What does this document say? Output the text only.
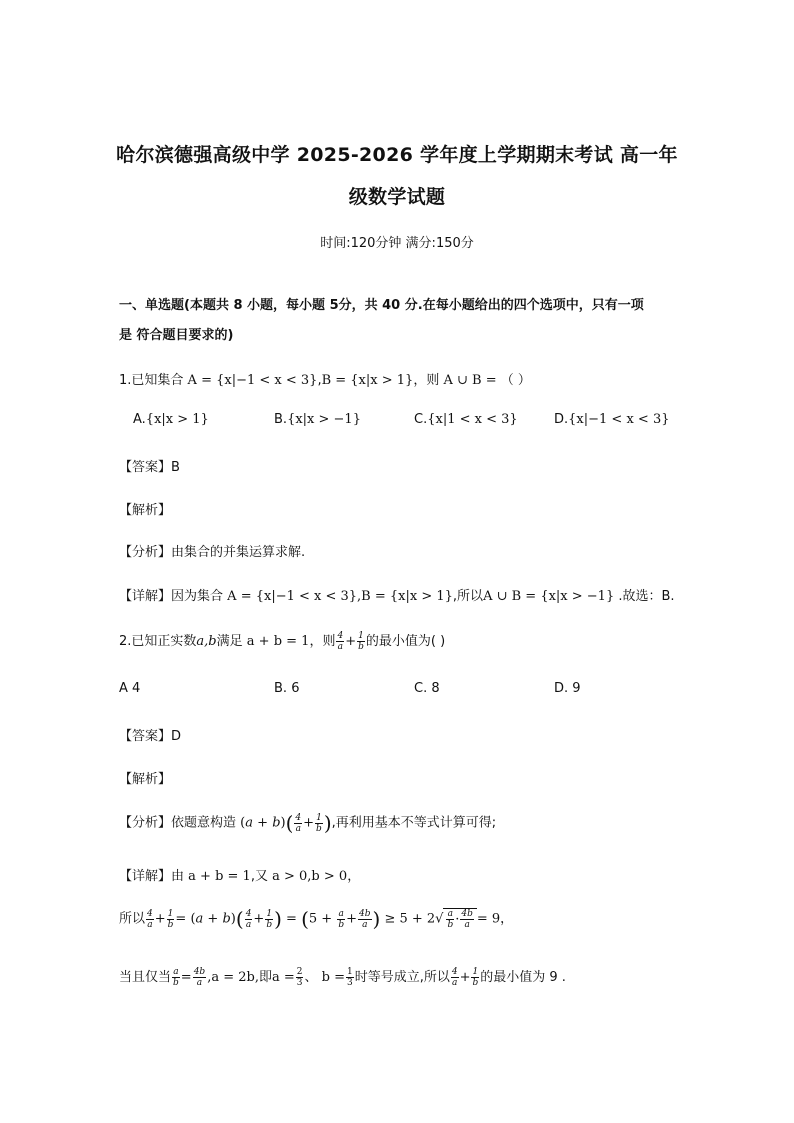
哈尔滨德强高级中学 2025-2026 学年度上学期期末考试 高一年
级数学试题
时间:120分钟 满分:150分
一、单选题(本题共 8 小题，每小题 5分，共 40 分.在每小题给出的四个选项中，只有一项
是 符合题目要求的)
1.已知集合 A = {x|−1 < x < 3},B = {x|x > 1}，则 A ∪ B = （ ）
A.{x|x > 1}	B.{x|x > −1}	C.{x|1 < x < 3}	D.{x|−1 < x < 3}
【答案】B
【解析】
【分析】由集合的并集运算求解.
【详解】因为集合 A = {x|−1 < x < 3},B = {x|x > 1},所以A ∪ B = {x|x > −1} .故选：B.
2.已知正实数a,b满足 a + b = 1，则 $\frac{4}{a} + \frac{1}{b}$ 的最小值为( )
A 4	B. 6	C. 8	D. 9
【答案】D
【解析】
【分析】依题意构造 $(a + b)( \frac{4}{a} + \frac{1}{b}$ ),再利用基本不等式计算可得;
【详解】由 a + b = 1,又 a > 0,b > 0，
所以 $\frac{4}{a} + \frac{1}{b} = (a + b)( \frac{4}{a} + \frac{1}{b}$ ) = ($5 + \frac{a}{b} + \frac{4b}{a}$ ) ≥ $5 + 2√ \frac{a}{b} \cdot \frac{4b}{a} = 9$，
当且仅当 $\frac{a}{b} = \frac{4b}{a} ,a = 2b$,即$a = \frac{2}{3}$ 、 $b = \frac{1}{3}$ 时等号成立,所以 $\frac{4}{a} + \frac{1}{b}$ 的最小值为 9 .
